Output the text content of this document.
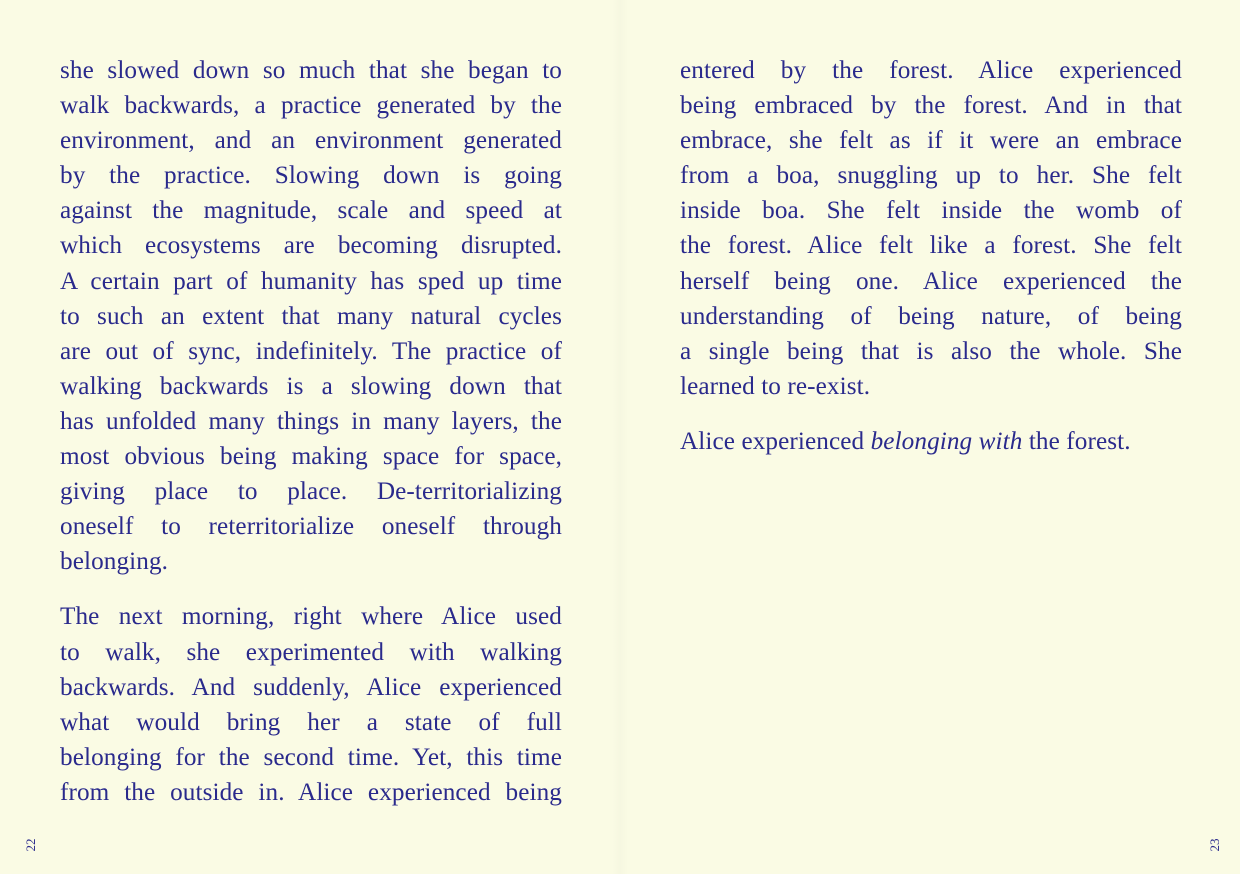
she slowed down so much that she began to
walk backwards, a practice generated by the
environment, and an environment generated
by the practice. Slowing down is going
against the magnitude, scale and speed at
which ecosystems are becoming disrupted.
A certain part of humanity has sped up time
to such an extent that many natural cycles
are out of sync, indefinitely. The practice of
walking backwards is a slowing down that
has unfolded many things in many layers, the
most obvious being making space for space,
giving place to place. De-territorializing
oneself to reterritorialize oneself through
belonging.

The next morning, right where Alice used
to walk, she experimented with walking
backwards. And suddenly, Alice experienced
what would bring her a state of full
belonging for the second time. Yet, this time
from the outside in. Alice experienced being

22

entered by the forest. Alice experienced
being embraced by the forest. And in that
embrace, she felt as if it were an embrace
from a boa, snuggling up to her. She felt
inside boa. She felt inside the womb of
the forest. Alice felt like a forest. She felt
herself being one. Alice experienced the
understanding of being nature, of being
a single being that is also the whole. She
learned to re-exist.

Alice experienced belonging with the forest.

23
